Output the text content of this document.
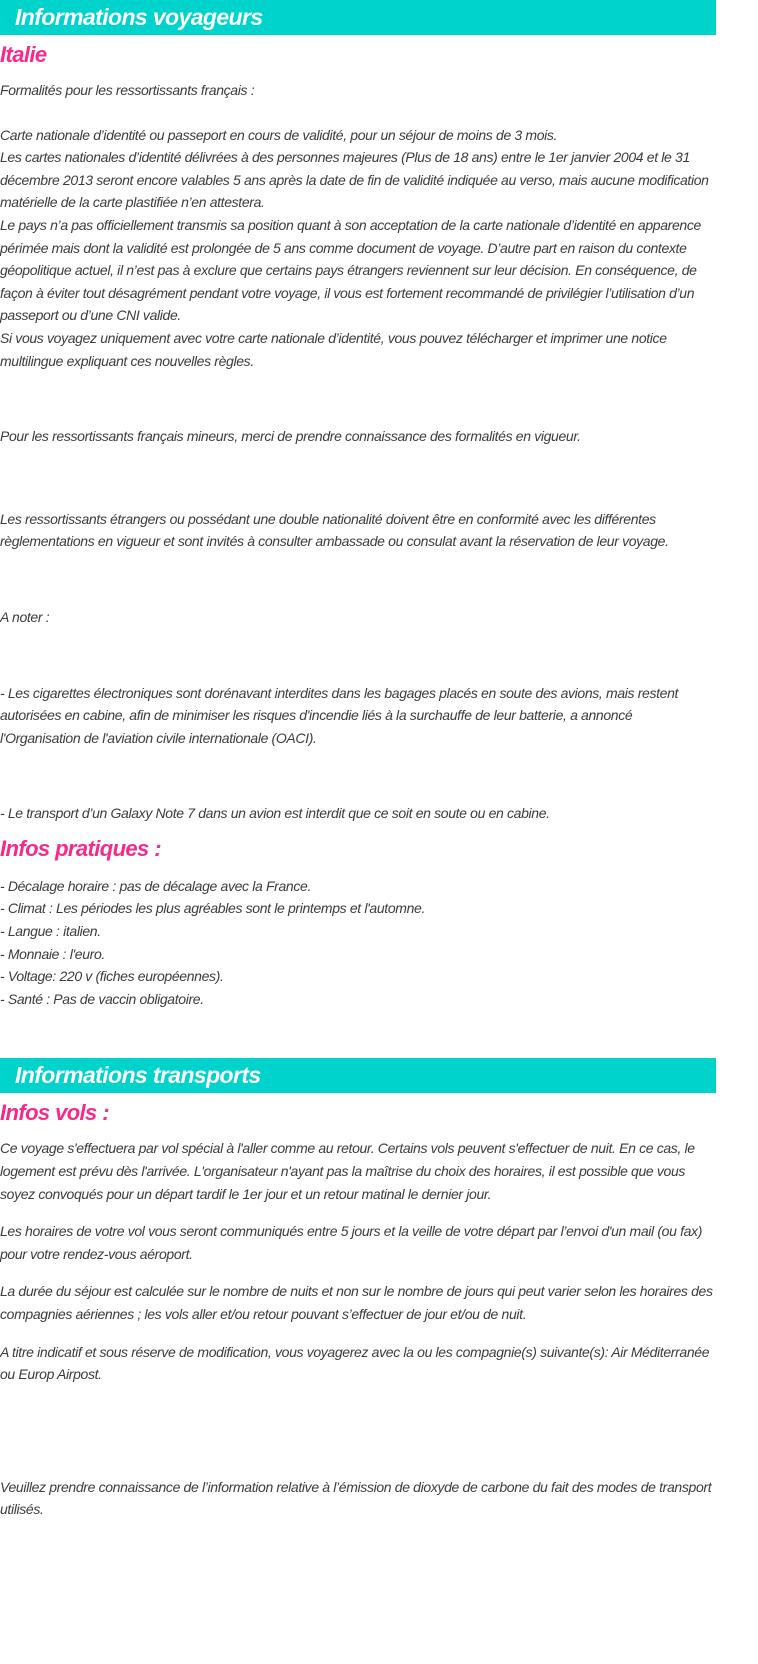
Informations voyageurs
Italie

Formalités pour les ressortissants français :

Carte nationale d’identité ou passeport en cours de validité, pour un séjour de moins de 3 mois.

Les cartes nationales d’identité délivrées à des personnes majeures (Plus de 18 ans) entre le 1er janvier 2004 et le 31 décembre 2013 seront encore valables 5 ans après la date de fin de validité indiquée au verso, mais aucune modification matérielle de la carte plastifiée n’en attestera.

Le pays n’a pas officiellement transmis sa position quant à son acceptation de la carte nationale d’identité en apparence périmée mais dont la validité est prolongée de 5 ans comme document de voyage. D’autre part en raison du contexte géopolitique actuel, il n’est pas à exclure que certains pays étrangers reviennent sur leur décision. En conséquence, de façon à éviter tout désagrément pendant votre voyage, il vous est fortement recommandé de privilégier l’utilisation d’un passeport ou d’une CNI valide.

Si vous voyagez uniquement avec votre carte nationale d’identité, vous pouvez télécharger et imprimer une notice multilingue expliquant ces nouvelles règles.

Pour les ressortissants français mineurs, merci de prendre connaissance des formalités en vigueur.

Les ressortissants étrangers ou possédant une double nationalité doivent être en conformité avec les différentes règlementations en vigueur et sont invités à consulter ambassade ou consulat avant la réservation de leur voyage.

A noter :

- Les cigarettes électroniques sont dorénavant interdites dans les bagages placés en soute des avions, mais restent autorisées en cabine, afin de minimiser les risques d'incendie liés à la surchauffe de leur batterie, a annoncé l'Organisation de l'aviation civile internationale (OACI).

- Le transport d’un Galaxy Note 7 dans un avion est interdit que ce soit en soute ou en cabine.

Infos pratiques :

- Décalage horaire : pas de décalage avec la France.

- Climat : Les périodes les plus agréables sont le printemps et l'automne.

- Langue : italien.

- Monnaie : l'euro.

- Voltage: 220 v (fiches européennes).

- Santé : Pas de vaccin obligatoire.

Informations transports
Infos vols :

Ce voyage s'effectuera par vol spécial à l'aller comme au retour. Certains vols peuvent s'effectuer de nuit. En ce cas, le logement est prévu dès l'arrivée. L'organisateur n'ayant pas la maîtrise du choix des horaires, il est possible que vous soyez convoqués pour un départ tardif le 1er jour et un retour matinal le dernier jour.

Les horaires de votre vol vous seront communiqués entre 5 jours et la veille de votre départ par l’envoi d'un mail (ou fax) pour votre rendez-vous aéroport.

La durée du séjour est calculée sur le nombre de nuits et non sur le nombre de jours qui peut varier selon les horaires des compagnies aériennes ; les vols aller et/ou retour pouvant s’effectuer de jour et/ou de nuit.

A titre indicatif et sous réserve de modification, vous voyagerez avec la ou les compagnie(s) suivante(s): Air Méditerranée ou Europ Airpost.

Veuillez prendre connaissance de l’information relative à l’émission de dioxyde de carbone du fait des modes de transport utilisés.
